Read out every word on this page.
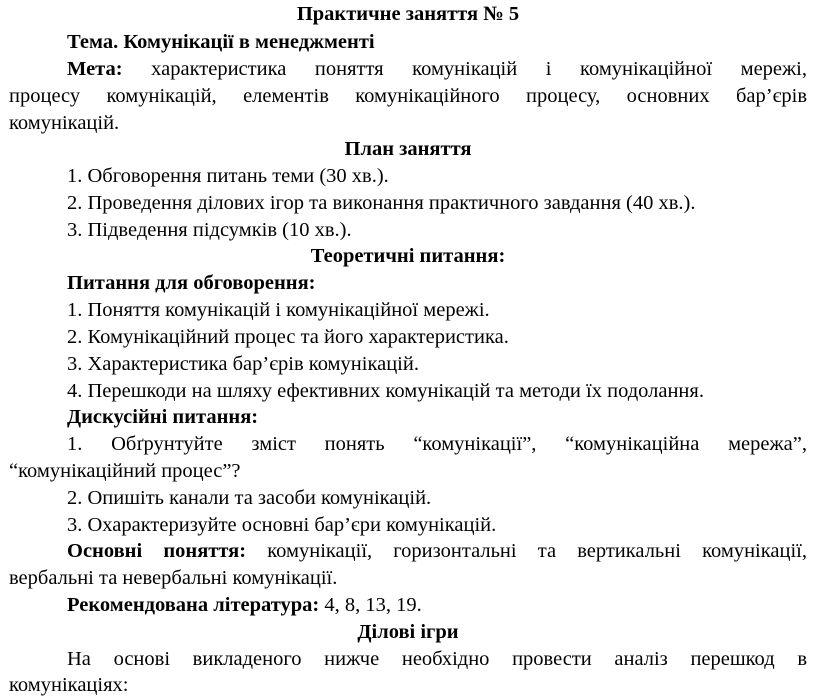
Практичне заняття № 5
Тема. Комунікації в менеджменті
Мета: характеристика поняття комунікацій і комунікаційної мережі,
процесу комунікацій, елементів комунікаційного процесу, основних бар’єрів
комунікацій.
План заняття
1. Обговорення питань теми (30 хв.).
2. Проведення ділових ігор та виконання практичного завдання (40 хв.).
3. Підведення підсумків (10 хв.).
Теоретичні питання:
Питання для обговорення:
1. Поняття комунікацій і комунікаційної мережі.
2. Комунікаційний процес та його характеристика.
3. Характеристика бар’єрів комунікацій.
4. Перешкоди на шляху ефективних комунікацій та методи їх подолання.
Дискусійні питання:
1. Обґрунтуйте зміст понять “комунікації”, “комунікаційна мережа”,
“комунікаційний процес”?
2. Опишіть канали та засоби комунікацій.
3. Охарактеризуйте основні бар’єри комунікацій.
Основні поняття: комунікації, горизонтальні та вертикальні комунікації,
вербальні та невербальні комунікації.
Рекомендована література: 4, 8, 13, 19.
Ділові ігри
На основі викладеного нижче необхідно провести аналіз перешкод в
комунікаціях:
